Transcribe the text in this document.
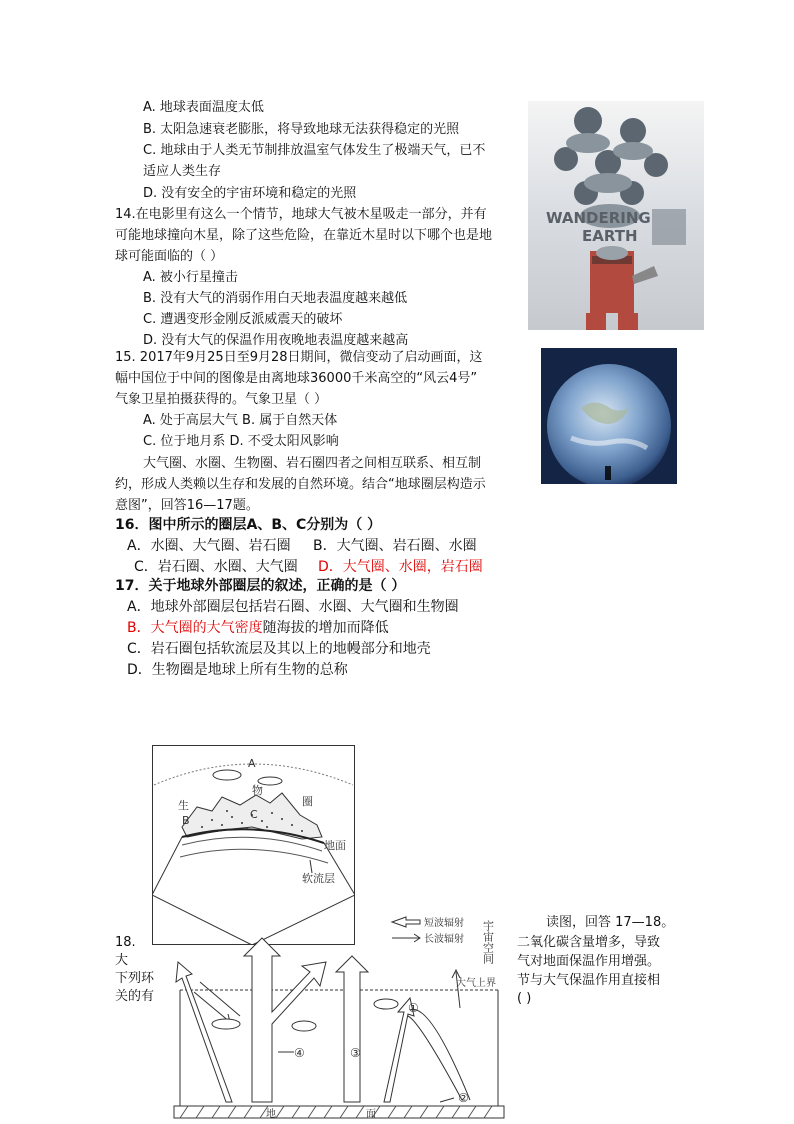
A. 地球表面温度太低
B. 太阳急速衰老膨胀，将导致地球无法获得稳定的光照
C. 地球由于人类无节制排放温室气体发生了极端天气，已不
适应人类生存
D. 没有安全的宇宙环境和稳定的光照
WANDERING
EARTH
14.在电影里有这么一个情节，地球大气被木星吸走一部分，并有
可能地球撞向木星，除了这些危险，在靠近木星时以下哪个也是地
球可能面临的（ ）
A. 被小行星撞击
B. 没有大气的消弱作用白天地表温度越来越低
C. 遭遇变形金刚反派威震天的破坏
D. 没有大气的保温作用夜晚地表温度越来越高
15. 2017年9月25日至9月28日期间，微信变动了启动画面，这
幅中国位于中间的图像是由离地球36000千米高空的“风云4号”
气象卫星拍摄获得的。气象卫星（ ）
A. 处于高层大气 B. 属于自然天体
C. 位于地月系 D. 不受太阳风影响
大气圈、水圈、生物圈、岩石圈四者之间相互联系、相互制
约，形成人类赖以生存和发展的自然环境。结合“地球圈层构造示
意图”，回答16—17题。
16．图中所示的圈层A、B、C分别为（ ）
A．水圈、大气圈、岩石圈 B．大气圈、岩石圈、水圈
C．岩石圈、水圈、大气圈 D．大气圈、水圈，岩石圈
17．关于地球外部圈层的叙述，正确的是（ ）
A．地球外部圈层包括岩石圈、水圈、大气圈和生物圈
B．大气圈的大气密度随海拔的增加而降低
C．岩石圈包括软流层及其以上的地幔部分和地壳
D．生物圈是地球上所有生物的总称
A
物
生
B	C
圈
地面
软流层
18.
大
下列环
关的有
读图，回答 17—18。
二氧化碳含量增多，导致
气对地面保温作用增强。
节与大气保温作用直接相
( )
短波辐射
长波辐射 宇宙空间
大气上界
地	面
④	③
①
②
